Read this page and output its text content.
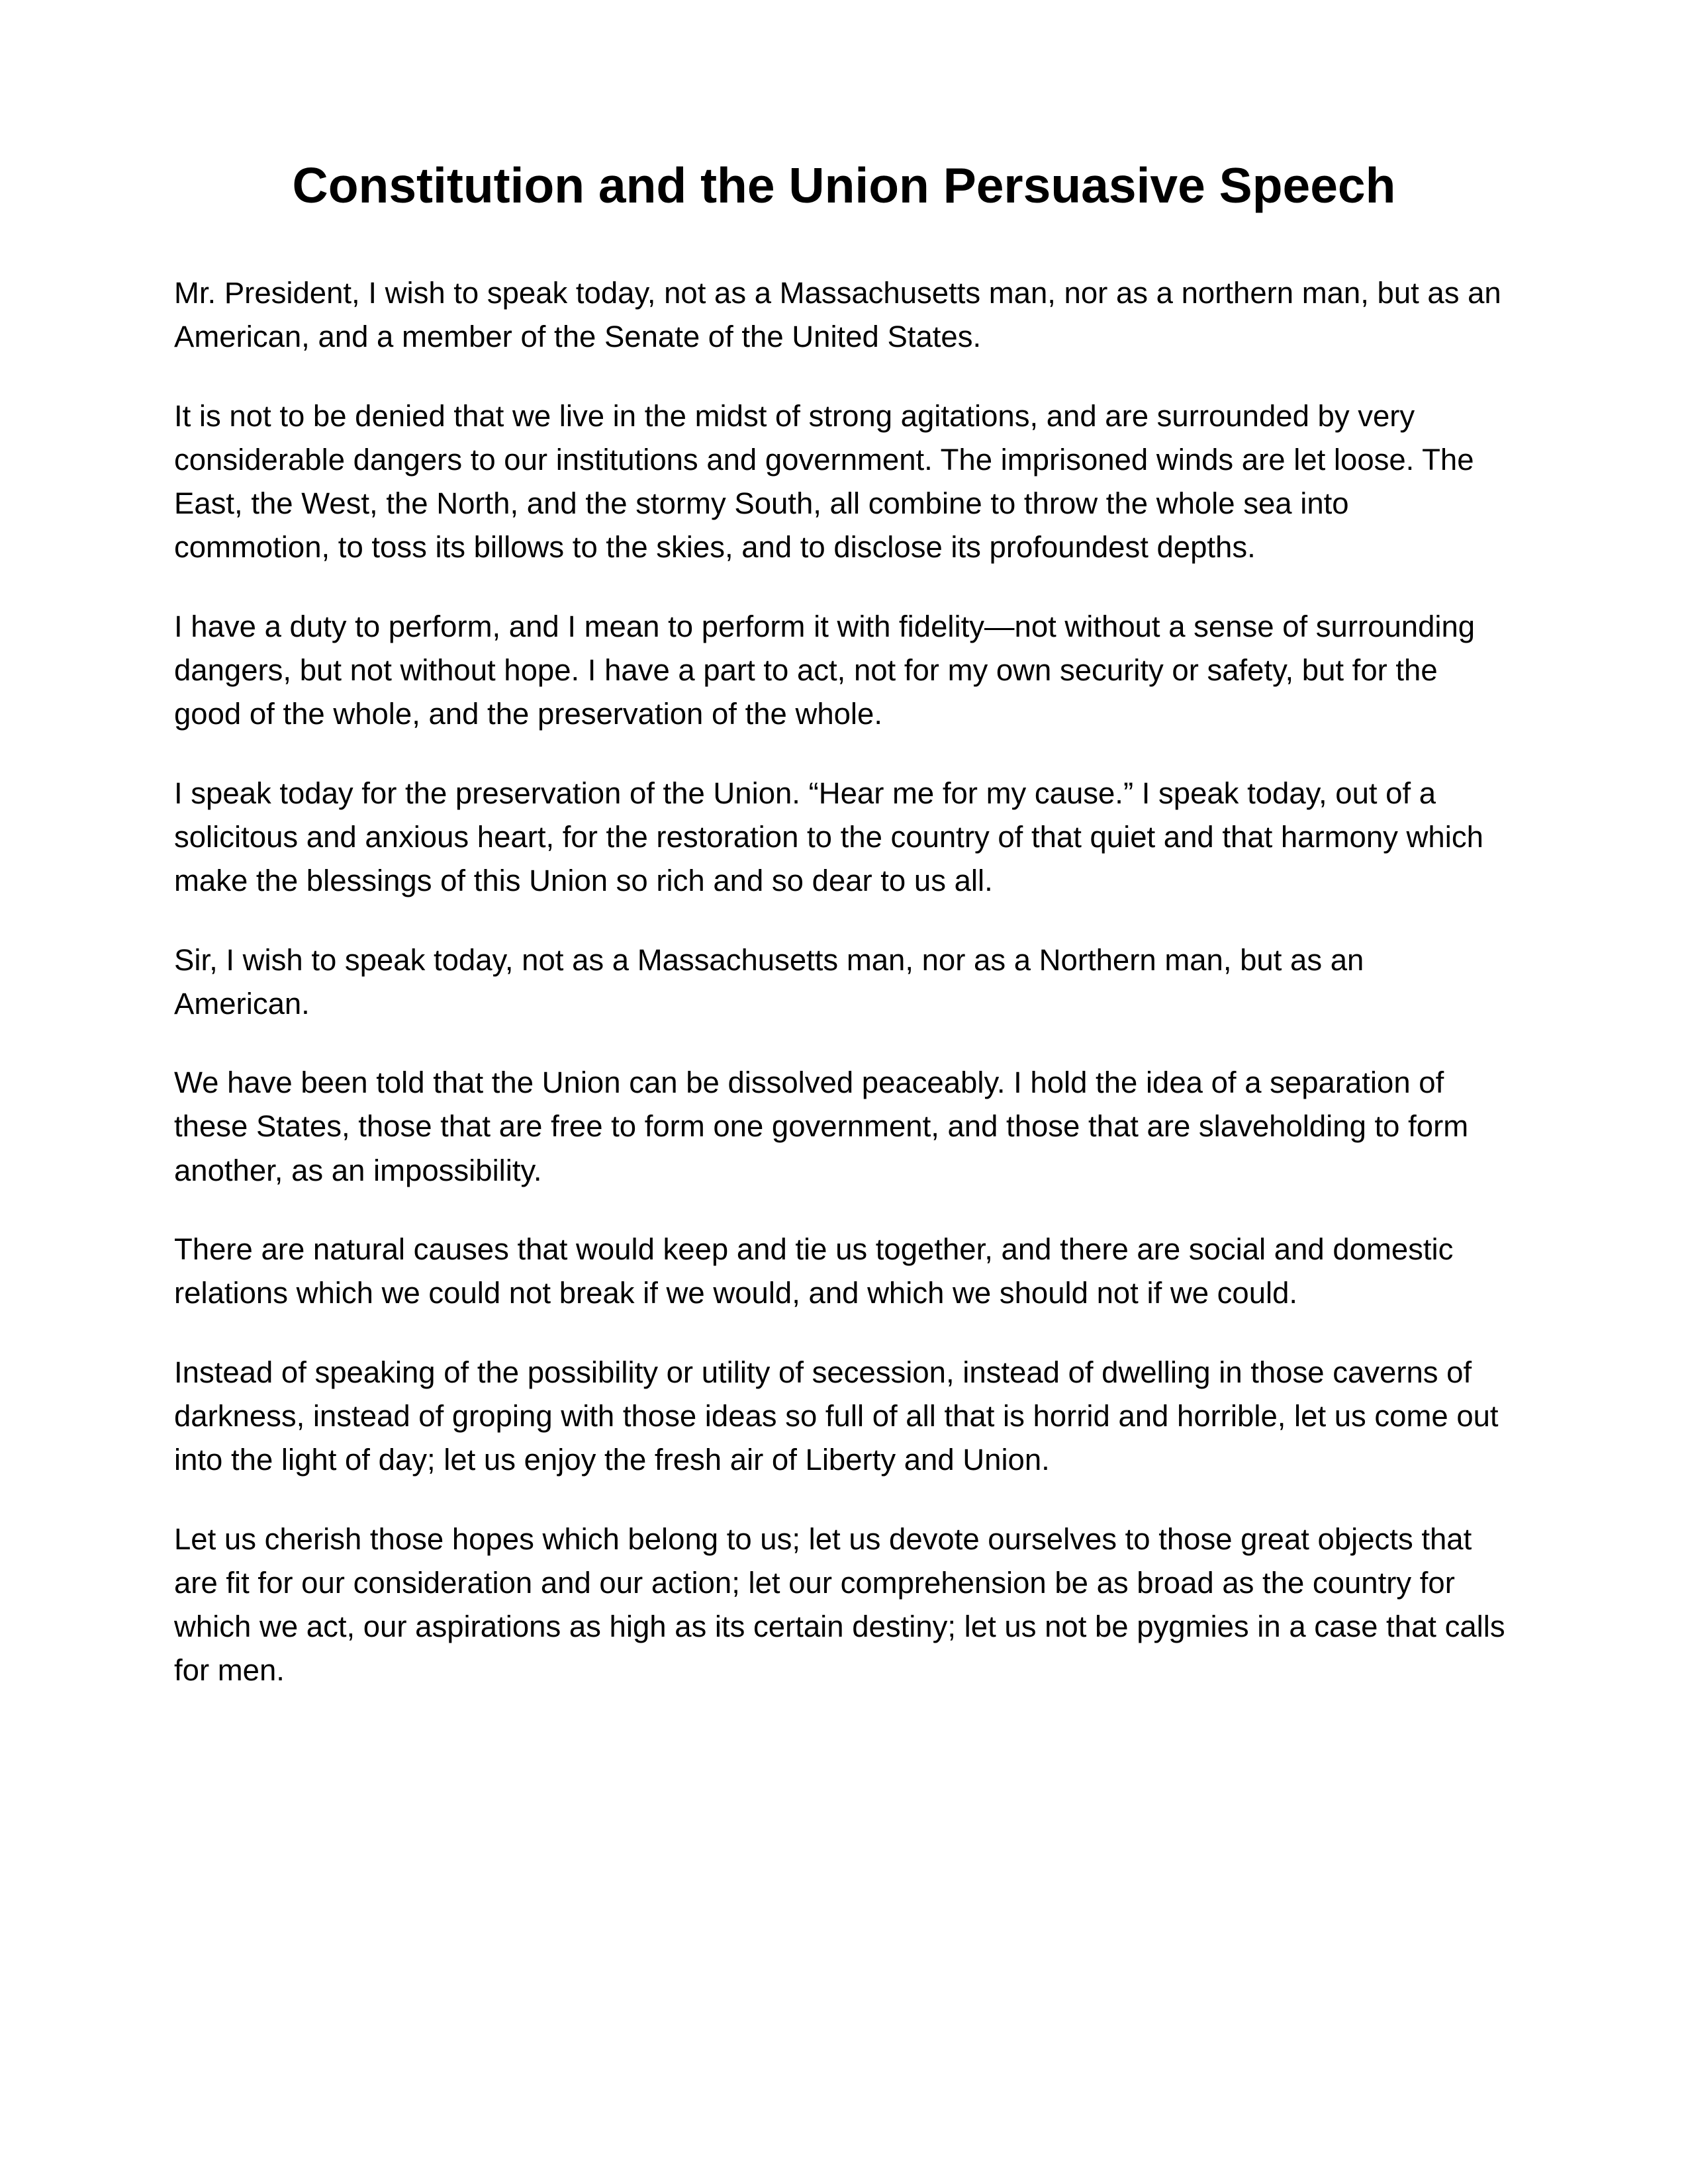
Constitution and the Union Persuasive Speech

Mr. President, I wish to speak today, not as a Massachusetts man, nor as a northern man, but as an
American, and a member of the Senate of the United States.

It is not to be denied that we live in the midst of strong agitations, and are surrounded by very
considerable dangers to our institutions and government. The imprisoned winds are let loose. The
East, the West, the North, and the stormy South, all combine to throw the whole sea into
commotion, to toss its billows to the skies, and to disclose its profoundest depths.

I have a duty to perform, and I mean to perform it with fidelity—not without a sense of surrounding
dangers, but not without hope. I have a part to act, not for my own security or safety, but for the
good of the whole, and the preservation of the whole.

I speak today for the preservation of the Union. “Hear me for my cause.” I speak today, out of a
solicitous and anxious heart, for the restoration to the country of that quiet and that harmony which
make the blessings of this Union so rich and so dear to us all.

Sir, I wish to speak today, not as a Massachusetts man, nor as a Northern man, but as an
American.

We have been told that the Union can be dissolved peaceably. I hold the idea of a separation of
these States, those that are free to form one government, and those that are slaveholding to form
another, as an impossibility.

There are natural causes that would keep and tie us together, and there are social and domestic
relations which we could not break if we would, and which we should not if we could.

Instead of speaking of the possibility or utility of secession, instead of dwelling in those caverns of
darkness, instead of groping with those ideas so full of all that is horrid and horrible, let us come out
into the light of day; let us enjoy the fresh air of Liberty and Union.

Let us cherish those hopes which belong to us; let us devote ourselves to those great objects that
are fit for our consideration and our action; let our comprehension be as broad as the country for
which we act, our aspirations as high as its certain destiny; let us not be pygmies in a case that calls
for men.
